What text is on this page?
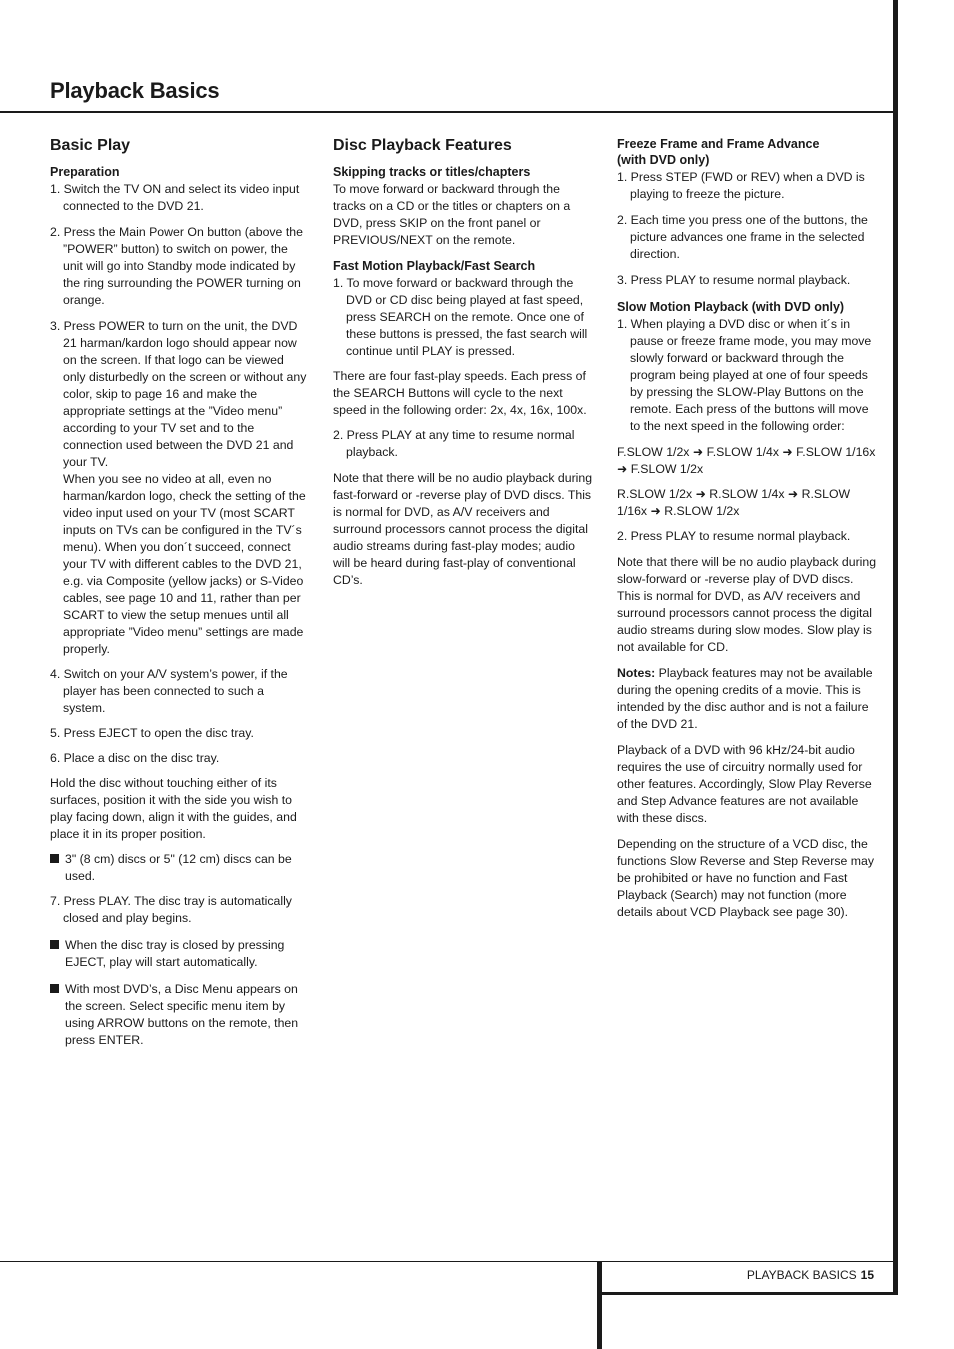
Playback Basics
Basic Play
Preparation

1. Switch the TV ON and select its video input connected to the DVD 21.

2. Press the Main Power On button (above the ”POWER” button) to switch on power, the unit will go into Standby mode indicated by the ring surrounding the POWER turning on orange.

3. Press POWER to turn on the unit, the DVD 21 harman/kardon logo should appear now on the screen. If that logo can be viewed only disturbedly on the screen or without any color, skip to page 16 and make the appropriate settings at the ”Video menu” according to your TV set and to the connection used between the DVD 21 and your TV.

When you see no video at all, even no harman/kardon logo, check the setting of the video input used on your TV (most SCART inputs on TVs can be configured in the TV´s menu). When you don´t succeed, connect your TV with different cables to the DVD 21, e.g. via Composite (yellow jacks) or S-Video cables, see page 10 and 11, rather than per SCART to view the setup menues until all appropriate ”Video menu” settings are made properly.

4. Switch on your A/V system’s power, if the player has been connected to such a system.

5. Press EJECT to open the disc tray.

6. Place a disc on the disc tray.

Hold the disc without touching either of its surfaces, position it with the side you wish to play facing down, align it with the guides, and place it in its proper position.

3" (8 cm) discs or 5" (12 cm) discs can be used.

7. Press PLAY. The disc tray is automatically closed and play begins.

When the disc tray is closed by pressing EJECT, play will start automatically.
With most DVD’s, a Disc Menu appears on the screen. Select specific menu item by using ARROW buttons on the remote, then press ENTER.
Disc Playback Features
Skipping tracks or titles/chapters

To move forward or backward through the tracks on a CD or the titles or chapters on a DVD, press SKIP on the front panel or PREVIOUS/NEXT on the remote.

Fast Motion Playback/Fast Search

1. To move forward or backward through the DVD or CD disc being played at fast speed, press SEARCH on the remote. Once one of these buttons is pressed, the fast search will continue until PLAY is pressed.

There are four fast-play speeds. Each press of the SEARCH Buttons will cycle to the next speed in the following order: 2x, 4x, 16x, 100x.

2. Press PLAY at any time to resume normal playback.

Note that there will be no audio playback during fast-forward or -reverse play of DVD discs. This is normal for DVD, as A/V receivers and surround processors cannot process the digital audio streams during fast-play modes; audio will be heard during fast-play of conventional CD’s.

Freeze Frame and Frame Advance
(with DVD only)

1. Press STEP (FWD or REV) when a DVD is playing to freeze the picture.

2. Each time you press one of the buttons, the picture advances one frame in the selected direction.

3. Press PLAY to resume normal playback.

Slow Motion Playback (with DVD only)

1. When playing a DVD disc or when it´s in pause or freeze frame mode, you may move slowly forward or backward through the program being played at one of four speeds by pressing the SLOW-Play Buttons on the remote. Each press of the buttons will move to the next speed in the following order:

F.SLOW 1/2x ➜ F.SLOW 1/4x ➜ F.SLOW 1/16x ➜ F.SLOW 1/2x

R.SLOW 1/2x ➜ R.SLOW 1/4x ➜ R.SLOW 1/16x ➜ R.SLOW 1/2x

2. Press PLAY to resume normal playback.

Note that there will be no audio playback during slow-forward or -reverse play of DVD discs. This is normal for DVD, as A/V receivers and surround processors cannot process the digital audio streams during slow modes. Slow play is not available for CD.

Notes: Playback features may not be available during the opening credits of a movie. This is intended by the disc author and is not a failure of the DVD 21.

Playback of a DVD with 96 kHz/24-bit audio requires the use of circuitry normally used for other features. Accordingly, Slow Play Reverse and Step Advance features are not available with these discs.

Depending on the structure of a VCD disc, the functions Slow Reverse and Step Reverse may be prohibited or have no function and Fast Playback (Search) may not function (more details about VCD Playback see page 30).

PLAYBACK BASICS 15
